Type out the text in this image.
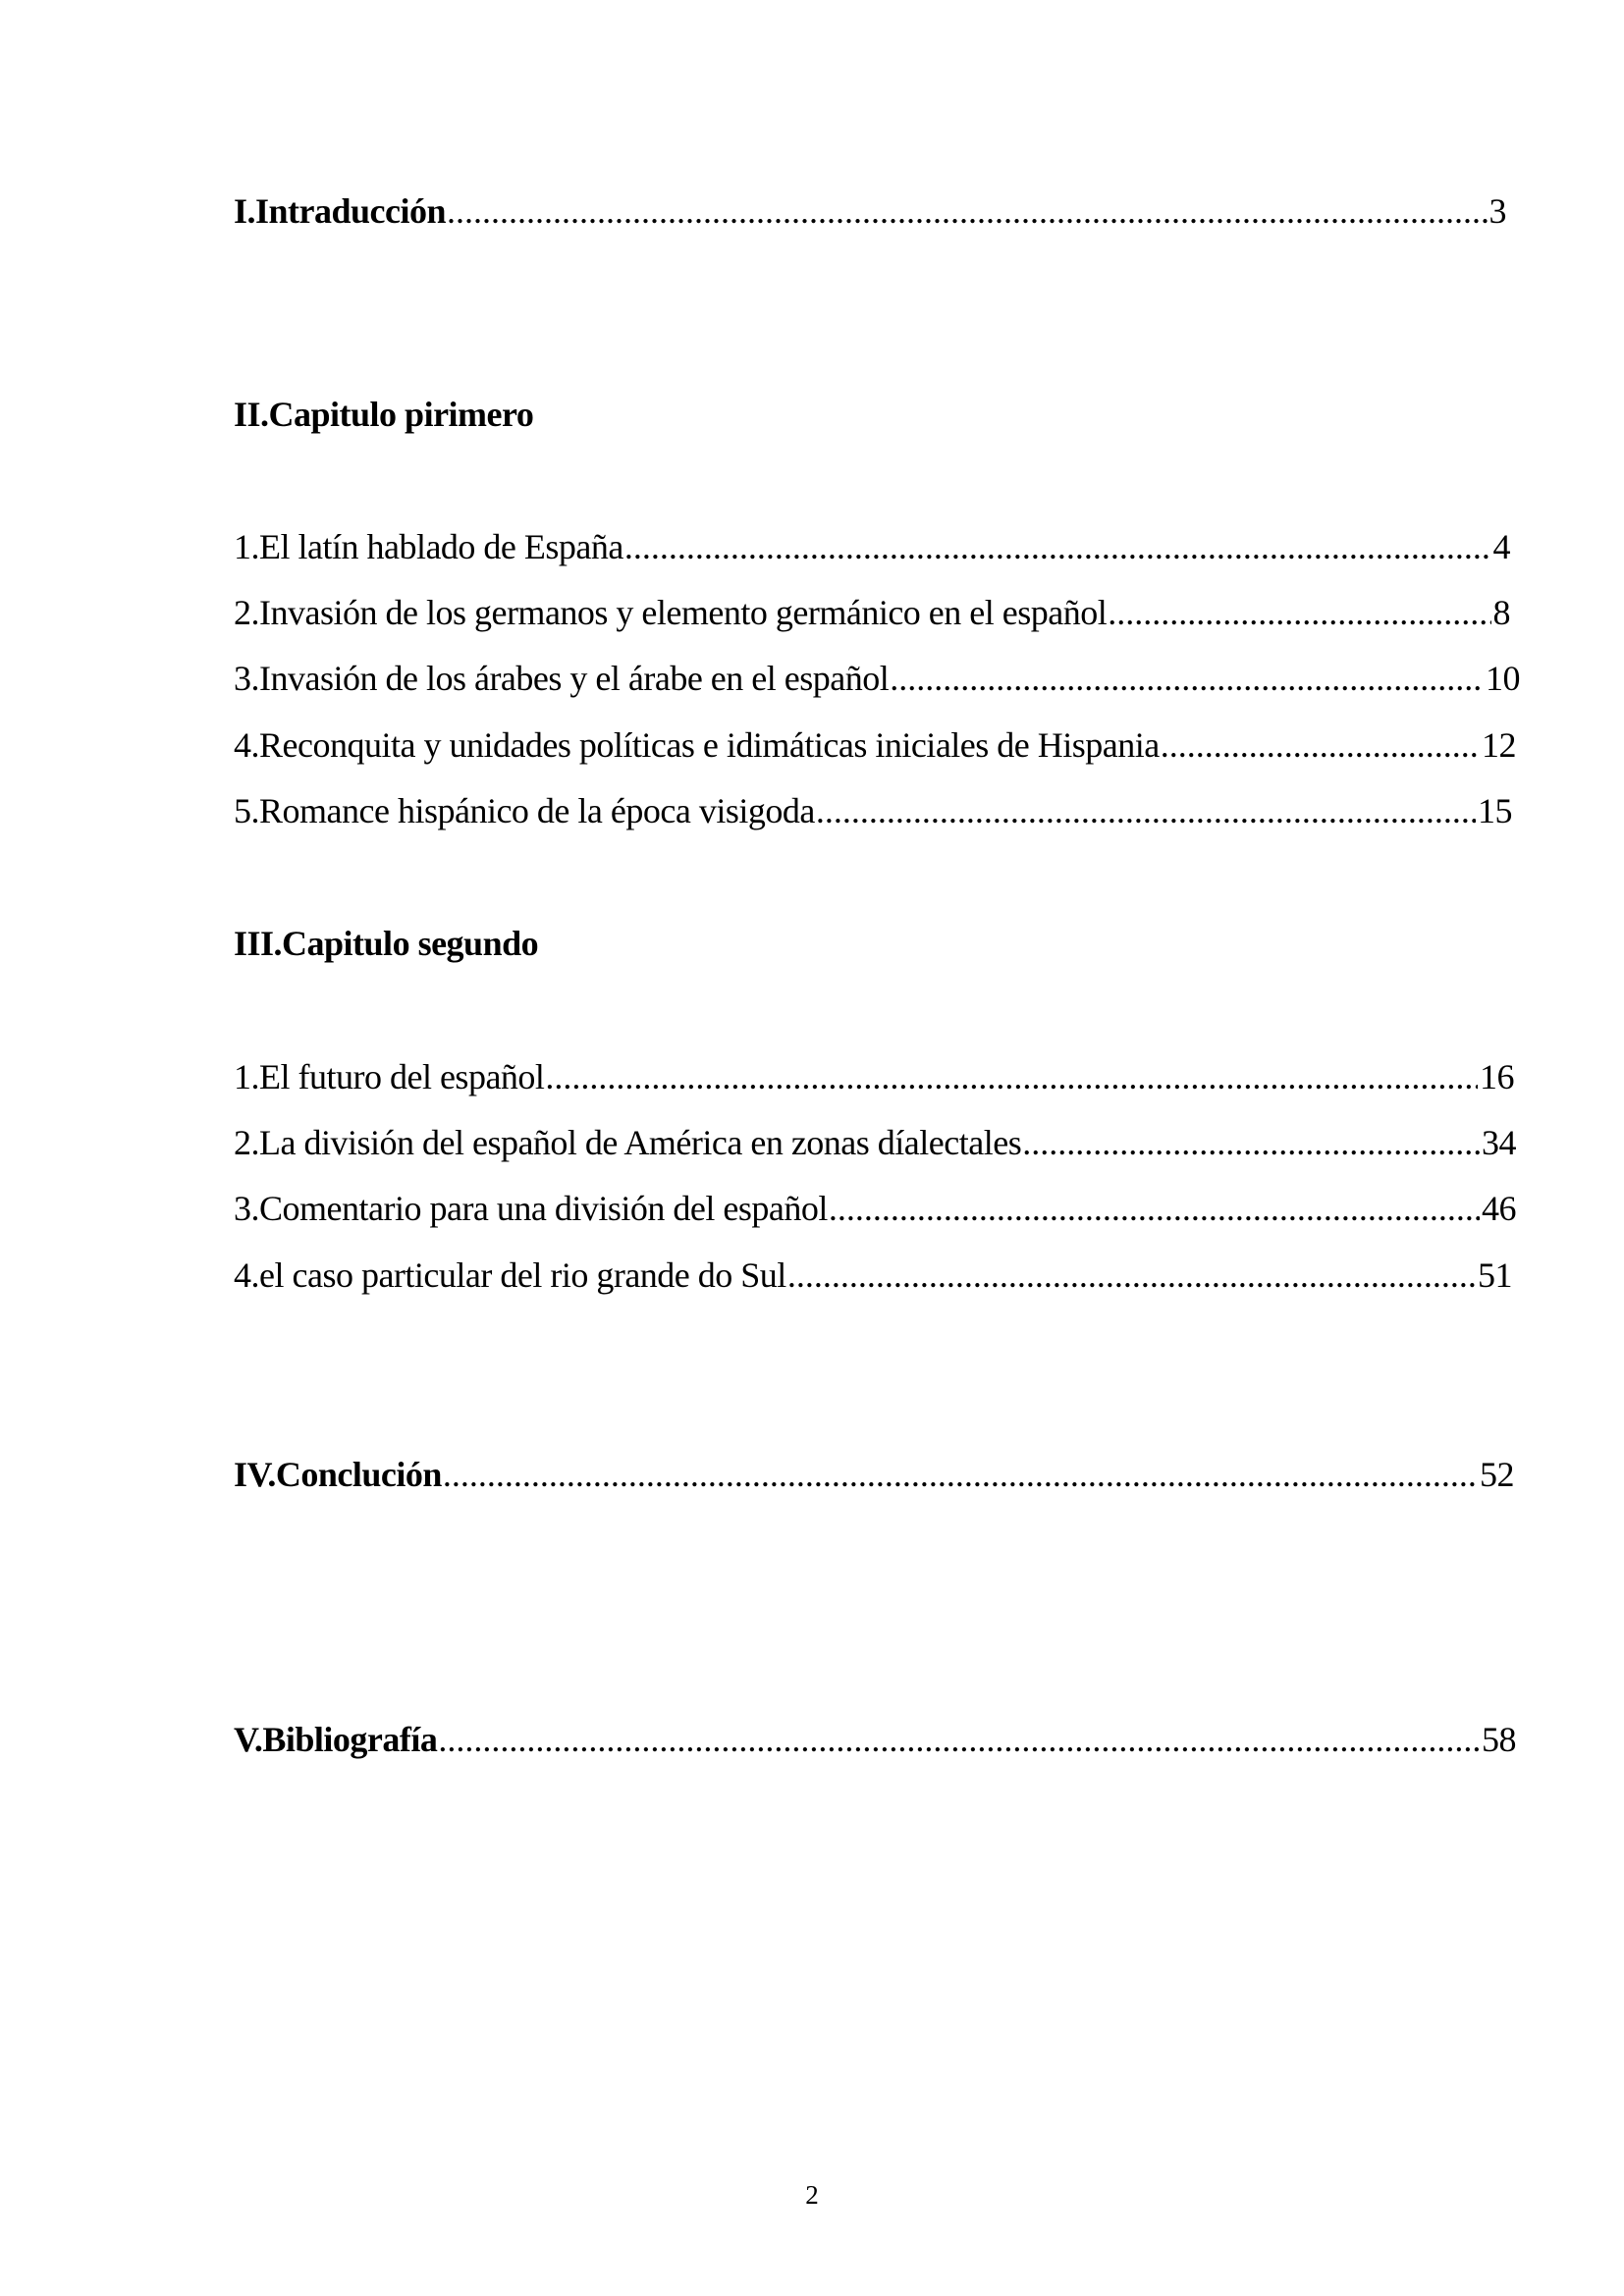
I.Intraducción .....	3
II.Capitulo pirimero
1.El latín hablado de España .....	4
2.Invasión de los germanos y elemento germánico en el español .....	8
3.Invasión de los árabes y el árabe en el español .....	10
4.Reconquita y unidades políticas e idimáticas iniciales de Hispania .....	12
5.Romance hispánico de la época visigoda .....	15
III.Capitulo segundo
1.El futuro del español .....	16
2.La división del español de América en zonas díalectales .....	34
3.Comentario para una división del español .....	46
4.el caso particular del rio grande do Sul .....	51
IV.Conclución .....	52
V.Bibliografía .....	58
2
